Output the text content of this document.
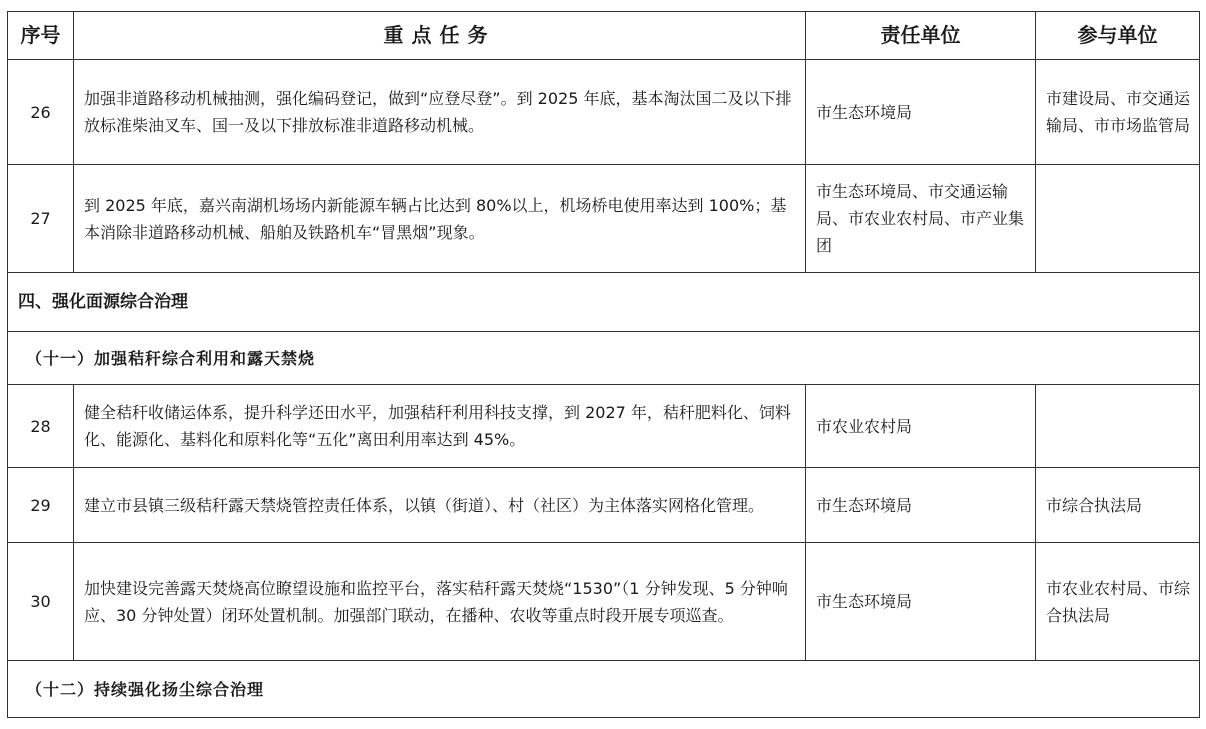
序号	重点任务	责任单位	参与单位
26	加强非道路移动机械抽测，强化编码登记，做到“应登尽登”。到 2025 年底，基本淘汰国二及以下排放标准柴油叉车、国一及以下排放标准非道路移动机械。	市生态环境局	市建设局、市交通运输局、市市场监管局
27	到 2025 年底，嘉兴南湖机场场内新能源车辆占比达到 80%以上，机场桥电使用率达到 100%；基本消除非道路移动机械、船舶及铁路机车“冒黑烟”现象。	市生态环境局、市交通运输局、市农业农村局、市产业集团	
四、强化面源综合治理			
（十一）加强秸秆综合利用和露天禁烧			
28	健全秸秆收储运体系，提升科学还田水平，加强秸秆利用科技支撑，到 2027 年，秸秆肥料化、饲料化、能源化、基料化和原料化等“五化”离田利用率达到 45%。	市农业农村局	
29	建立市县镇三级秸秆露天禁烧管控责任体系，以镇（街道）、村（社区）为主体落实网格化管理。	市生态环境局	市综合执法局
30	加快建设完善露天焚烧高位瞭望设施和监控平台，落实秸秆露天焚烧“1530”（1 分钟发现、5 分钟响应、30 分钟处置）闭环处置机制。加强部门联动，在播种、农收等重点时段开展专项巡查。	市生态环境局	市农业农村局、市综合执法局
（十二）持续强化扬尘综合治理			
